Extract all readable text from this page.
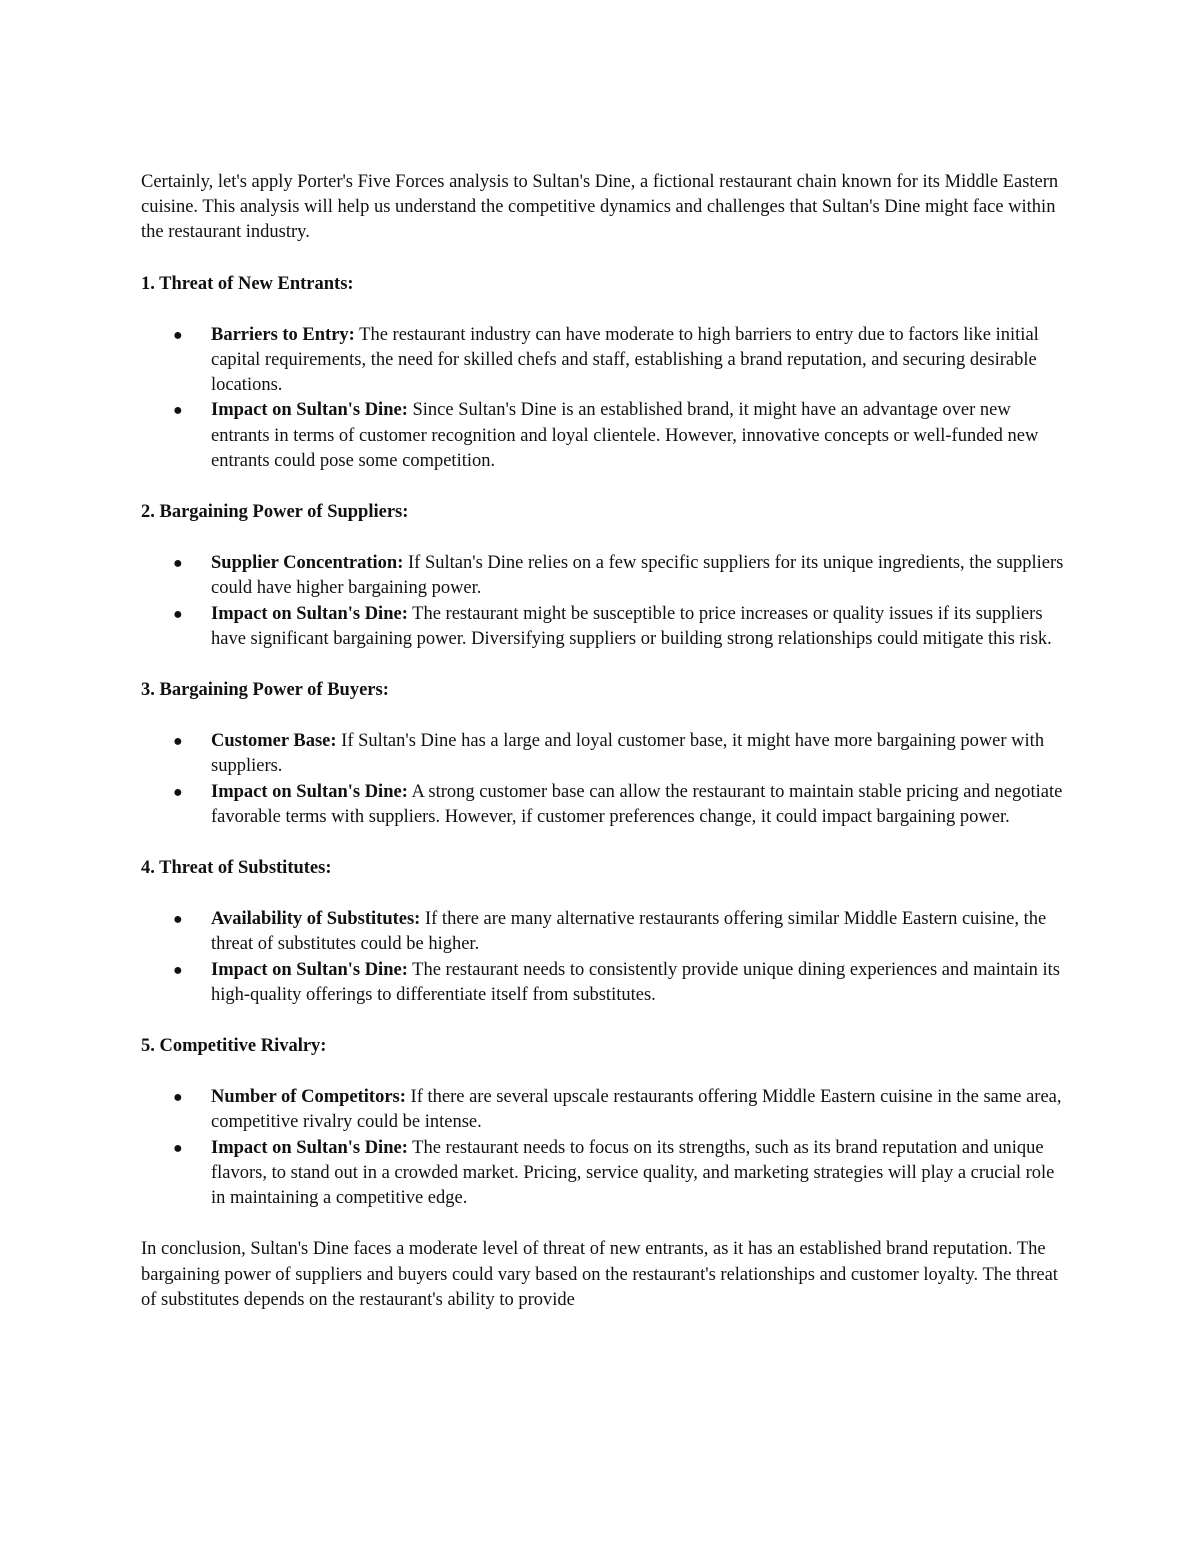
Certainly, let's apply Porter's Five Forces analysis to Sultan's Dine, a fictional restaurant chain known for its Middle Eastern cuisine. This analysis will help us understand the competitive dynamics and challenges that Sultan's Dine might face within the restaurant industry.

1. Threat of New Entrants:

● Barriers to Entry: The restaurant industry can have moderate to high barriers to entry due to factors like initial capital requirements, the need for skilled chefs and staff, establishing a brand reputation, and securing desirable locations.
● Impact on Sultan's Dine: Since Sultan's Dine is an established brand, it might have an advantage over new entrants in terms of customer recognition and loyal clientele. However, innovative concepts or well-funded new entrants could pose some competition.

2. Bargaining Power of Suppliers:

● Supplier Concentration: If Sultan's Dine relies on a few specific suppliers for its unique ingredients, the suppliers could have higher bargaining power.
● Impact on Sultan's Dine: The restaurant might be susceptible to price increases or quality issues if its suppliers have significant bargaining power. Diversifying suppliers or building strong relationships could mitigate this risk.

3. Bargaining Power of Buyers:

● Customer Base: If Sultan's Dine has a large and loyal customer base, it might have more bargaining power with suppliers.
● Impact on Sultan's Dine: A strong customer base can allow the restaurant to maintain stable pricing and negotiate favorable terms with suppliers. However, if customer preferences change, it could impact bargaining power.

4. Threat of Substitutes:

● Availability of Substitutes: If there are many alternative restaurants offering similar Middle Eastern cuisine, the threat of substitutes could be higher.
● Impact on Sultan's Dine: The restaurant needs to consistently provide unique dining experiences and maintain its high-quality offerings to differentiate itself from substitutes.

5. Competitive Rivalry:

● Number of Competitors: If there are several upscale restaurants offering Middle Eastern cuisine in the same area, competitive rivalry could be intense.
● Impact on Sultan's Dine: The restaurant needs to focus on its strengths, such as its brand reputation and unique flavors, to stand out in a crowded market. Pricing, service quality, and marketing strategies will play a crucial role in maintaining a competitive edge.

In conclusion, Sultan's Dine faces a moderate level of threat of new entrants, as it has an established brand reputation. The bargaining power of suppliers and buyers could vary based on the restaurant's relationships and customer loyalty. The threat of substitutes depends on the restaurant's ability to provide
